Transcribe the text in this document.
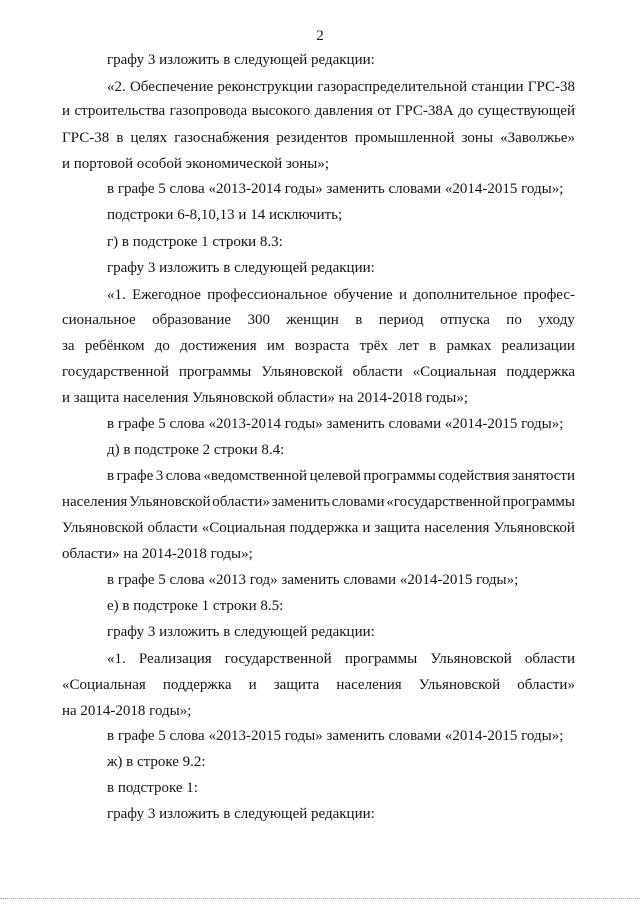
2
графу 3 изложить в следующей редакции:
«2. Обеспечение реконструкции газораспределительной станции ГРС-38
и строительства газопровода высокого давления от ГРС-38А до существующей
ГРС-38 в целях газоснабжения резидентов промышленной зоны «Заволжье»
и портовой особой экономической зоны»;
в графе 5 слова «2013-2014 годы» заменить словами «2014-2015 годы»;
подстроки 6-8,10,13 и 14 исключить;
г) в подстроке 1 строки 8.3:
графу 3 изложить в следующей редакции:
«1. Ежегодное профессиональное обучение и дополнительное профес-
сиональное образование 300 женщин в период отпуска по уходу
за ребёнком до достижения им возраста трёх лет в рамках реализации
государственной программы Ульяновской области «Социальная поддержка
и защита населения Ульяновской области» на 2014-2018 годы»;
в графе 5 слова «2013-2014 годы» заменить словами «2014-2015 годы»;
д) в подстроке 2 строки 8.4:
в графе 3 слова «ведомственной целевой программы содействия занятости
населения Ульяновской области» заменить словами «государственной программы
Ульяновской области «Социальная поддержка и защита населения Ульяновской
области» на 2014-2018 годы»;
в графе 5 слова «2013 год» заменить словами «2014-2015 годы»;
е) в подстроке 1 строки 8.5:
графу 3 изложить в следующей редакции:
«1. Реализация государственной программы Ульяновской области
«Социальная поддержка и защита населения Ульяновской области»
на 2014-2018 годы»;
в графе 5 слова «2013-2015 годы» заменить словами «2014-2015 годы»;
ж) в строке 9.2:
в подстроке 1:
графу 3 изложить в следующей редакции:
